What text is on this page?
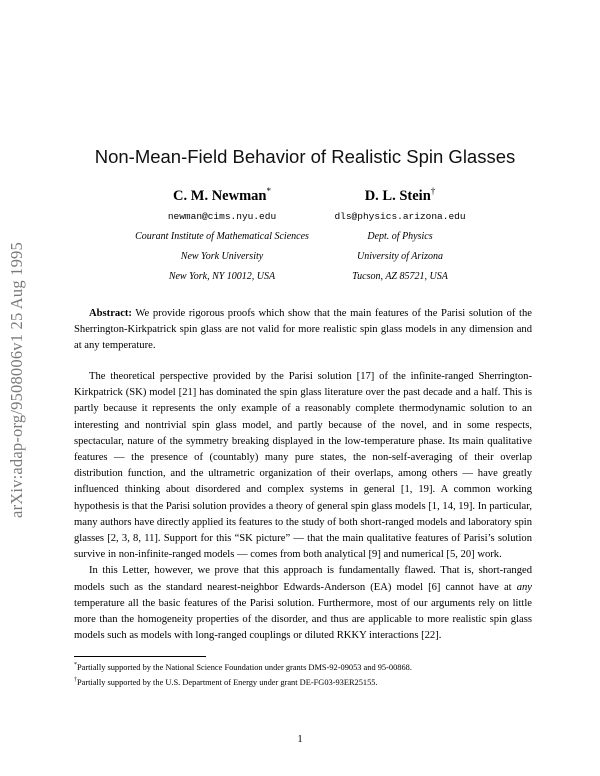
arXiv:adap-org/9508006v1 25 Aug 1995
Non-Mean-Field Behavior of Realistic Spin Glasses
C. M. Newman*	D. L. Stein†
newman@cims.nyu.edu
Courant Institute of Mathematical Sciences
New York University
New York, NY 10012, USA
dls@physics.arizona.edu
Dept. of Physics
University of Arizona
Tucson, AZ 85721, USA
Abstract: We provide rigorous proofs which show that the main features of the Parisi solution of the Sherrington-Kirkpatrick spin glass are not valid for more realistic spin glass models in any dimension and at any temperature.

The theoretical perspective provided by the Parisi solution [17] of the infinite-ranged Sherrington-Kirkpatrick (SK) model [21] has dominated the spin glass literature over the past decade and a half. This is partly because it represents the only example of a reasonably complete thermodynamic solution to an interesting and nontrivial spin glass model, and partly because of the novel, and in some respects, spectacular, nature of the symmetry breaking displayed in the low-temperature phase. Its main qualitative features — the presence of (countably) many pure states, the non-self-averaging of their overlap distribution function, and the ultrametric organization of their overlaps, among others — have greatly influenced thinking about disordered and complex systems in general [1, 19]. A common working hypothesis is that the Parisi solution provides a theory of general spin glass models [1, 14, 19]. In particular, many authors have directly applied its features to the study of both short-ranged models and laboratory spin glasses [2, 3, 8, 11]. Support for this “SK picture” — that the main qualitative features of Parisi’s solution survive in non-infinite-ranged models — comes from both analytical [9] and numerical [5, 20] work.

In this Letter, however, we prove that this approach is fundamentally flawed. That is, short-ranged models such as the standard nearest-neighbor Edwards-Anderson (EA) model [6] cannot have at any temperature all the basic features of the Parisi solution. Furthermore, most of our arguments rely on little more than the homogeneity properties of the disorder, and thus are applicable to more realistic spin glass models such as models with long-ranged couplings or diluted RKKY interactions [22].

*Partially supported by the National Science Foundation under grants DMS-92-09053 and 95-00868.
†Partially supported by the U.S. Department of Energy under grant DE-FG03-93ER25155.
1
